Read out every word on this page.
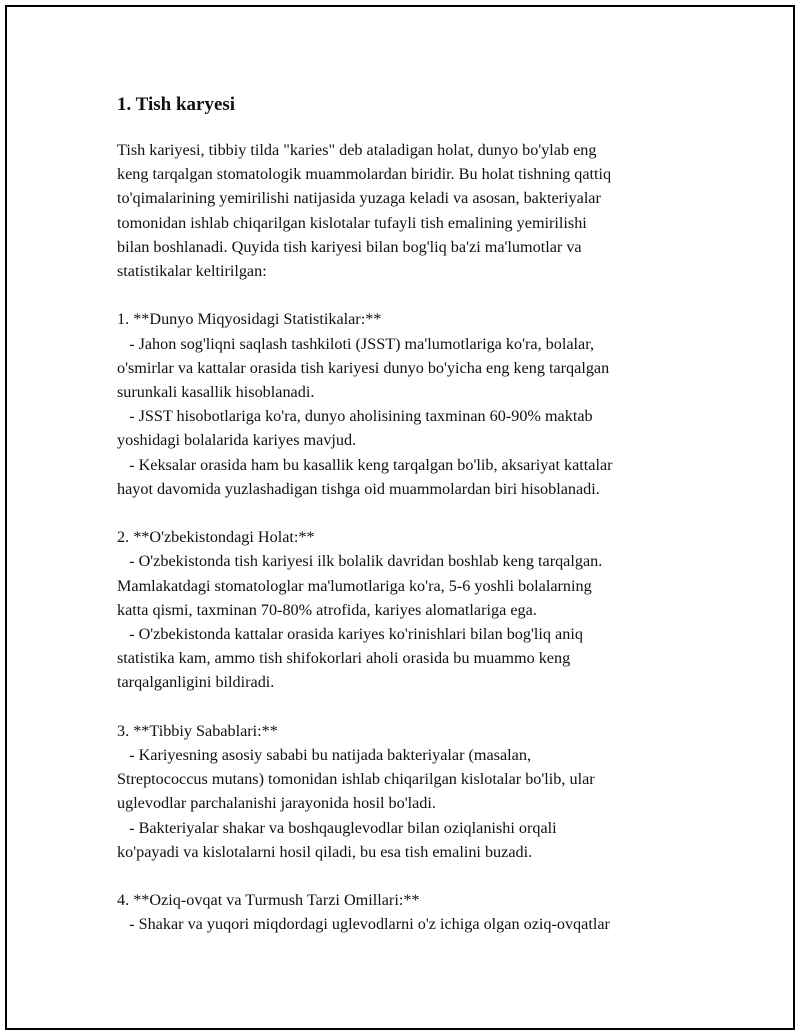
1. Tish karyesi
Tish kariyesi, tibbiy tilda "karies" deb ataladigan holat, dunyo bo'ylab eng
keng tarqalgan stomatologik muammolardan biridir. Bu holat tishning qattiq
to'qimalarining yemirilishi natijasida yuzaga keladi va asosan, bakteriyalar
tomonidan ishlab chiqarilgan kislotalar tufayli tish emalining yemirilishi
bilan boshlanadi. Quyida tish kariyesi bilan bog'liq ba'zi ma'lumotlar va
statistikalar keltirilgan:
1. **Dunyo Miqyosidagi Statistikalar:**
- Jahon sog'liqni saqlash tashkiloti (JSST) ma'lumotlariga ko'ra, bolalar,
o'smirlar va kattalar orasida tish kariyesi dunyo bo'yicha eng keng tarqalgan
surunkali kasallik hisoblanadi.
- JSST hisobotlariga ko'ra, dunyo aholisining taxminan 60-90% maktab
yoshidagi bolalarida kariyes mavjud.
- Keksalar orasida ham bu kasallik keng tarqalgan bo'lib, aksariyat kattalar
hayot davomida yuzlashadigan tishga oid muammolardan biri hisoblanadi.
2. **O'zbekistondagi Holat:**
- O'zbekistonda tish kariyesi ilk bolalik davridan boshlab keng tarqalgan.
Mamlakatdagi stomatologlar ma'lumotlariga ko'ra, 5-6 yoshli bolalarning
katta qismi, taxminan 70-80% atrofida, kariyes alomatlariga ega.
- O'zbekistonda kattalar orasida kariyes ko'rinishlari bilan bog'liq aniq
statistika kam, ammo tish shifokorlari aholi orasida bu muammo keng
tarqalganligini bildiradi.
3. **Tibbiy Sabablari:**
- Kariyesning asosiy sababi bu natijada bakteriyalar (masalan,
Streptococcus mutans) tomonidan ishlab chiqarilgan kislotalar bo'lib, ular
uglevodlar parchalanishi jarayonida hosil bo'ladi.
- Bakteriyalar shakar va boshqauglevodlar bilan oziqlanishi orqali
ko'payadi va kislotalarni hosil qiladi, bu esa tish emalini buzadi.
4. **Oziq-ovqat va Turmush Tarzi Omillari:**
- Shakar va yuqori miqdordagi uglevodlarni o'z ichiga olgan oziq-ovqatlar
